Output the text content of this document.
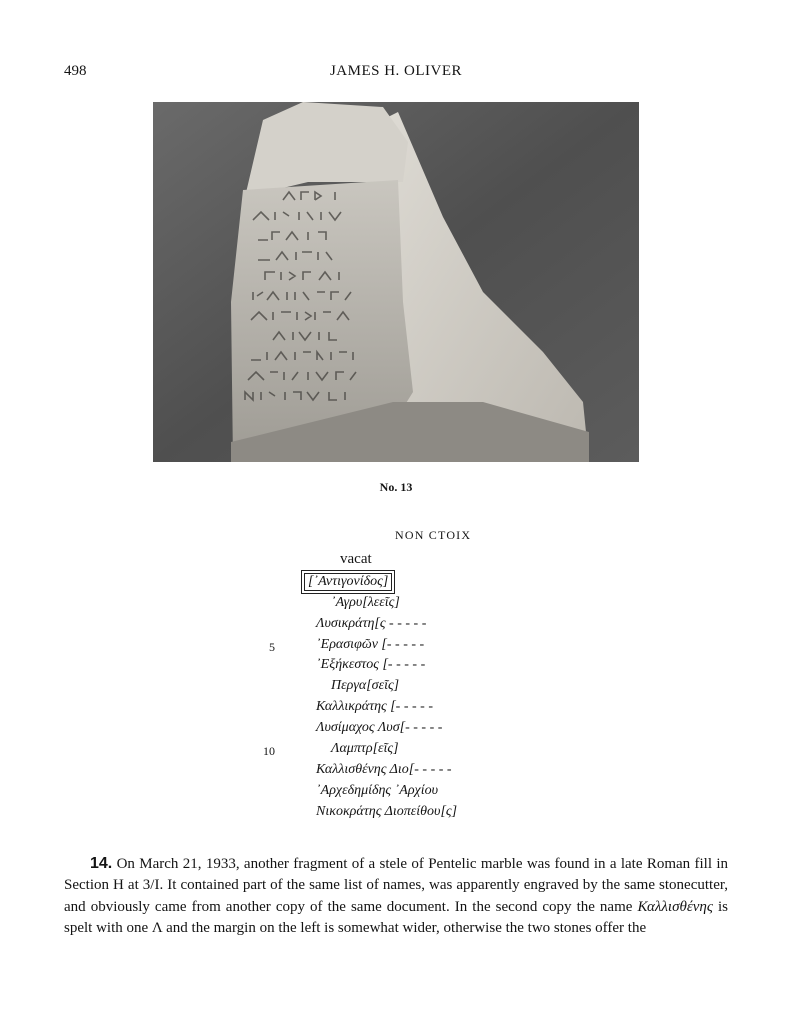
498	JAMES H. OLIVER
No. 13
NON CTOIX
vacat
[᾿Αντιγονίδος]
᾿Αγρυ[λεεῖς]
Λυσικράτη[ς - - - - -
᾿Ερασιφῶν [- - - - -
᾿Εξήκεστος [- - - - -
Περγα[σεῖς]
Καλλικράτης [- - - - -
Λυσίμαχος Λυσ[- - - - -
Λαμπτρ[εῖς]
Καλλισθένης Διο[- - - - -
᾿Αρχεδημίδης ᾿Αρχίου
Νικοκράτης Διοπείθου[ς]
5
10
14. On March 21, 1933, another fragment of a stele of Pentelic marble was found in a late Roman fill in Section H at 3/I. It contained part of the same list of names, was apparently engraved by the same stonecutter, and obviously came from another copy of the same document. In the second copy the name Καλλισθένης is spelt with one Λ and the margin on the left is somewhat wider, otherwise the two stones offer the
